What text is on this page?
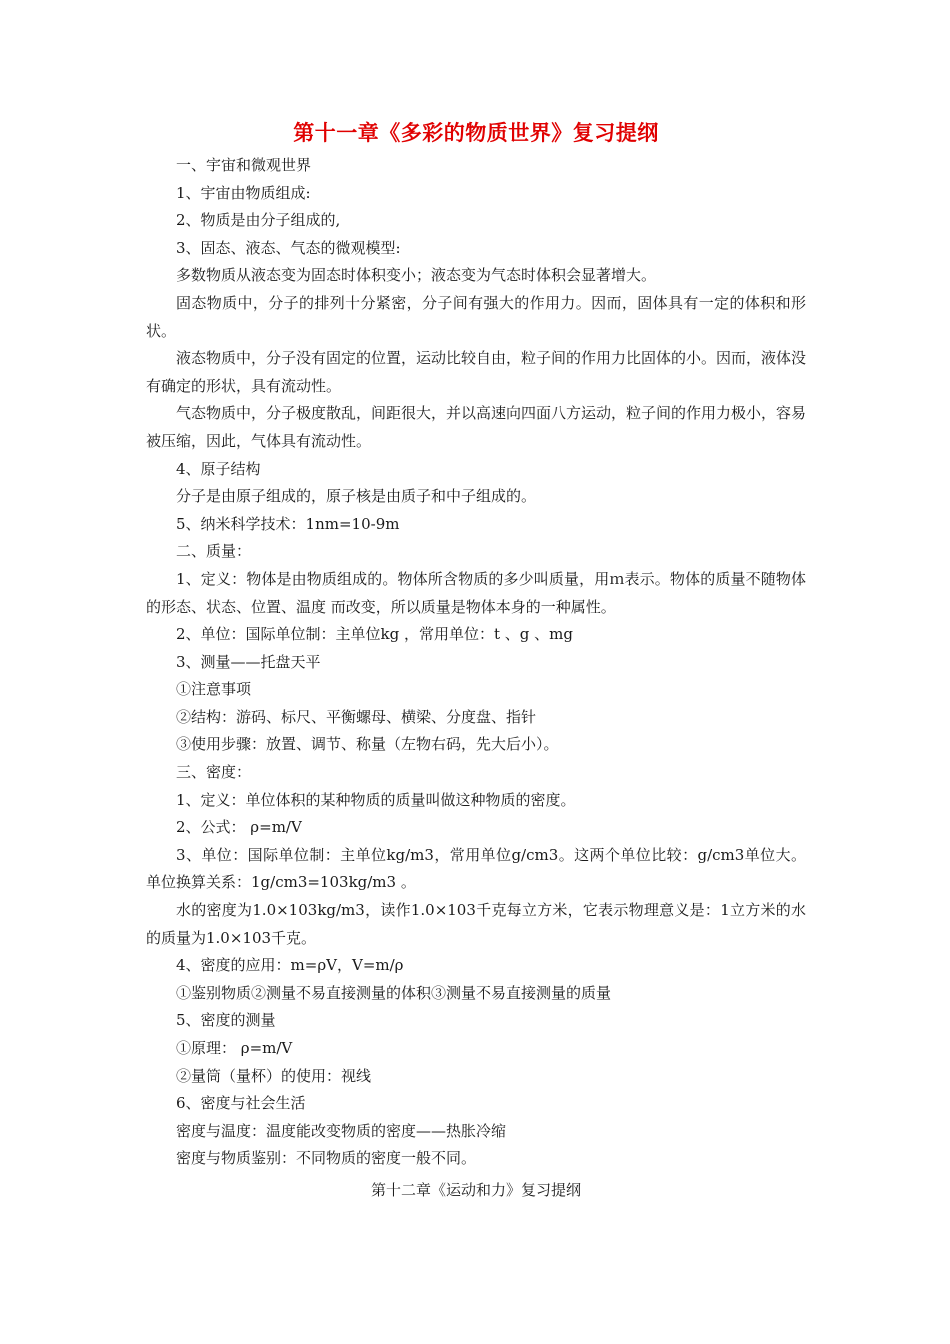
第十一章《多彩的物质世界》复习提纲

一、宇宙和微观世界

1、宇宙由物质组成:

2、物质是由分子组成的,

3、固态、液态、气态的微观模型:

多数物质从液态变为固态时体积变小；液态变为气态时体积会显著增大。

固态物质中，分子的排列十分紧密，分子间有强大的作用力。因而，固体具有一定的体积和形状。

液态物质中，分子没有固定的位置，运动比较自由，粒子间的作用力比固体的小。因而，液体没有确定的形状，具有流动性。

气态物质中，分子极度散乱，间距很大，并以高速向四面八方运动，粒子间的作用力极小，容易被压缩，因此，气体具有流动性。

4、原子结构

分子是由原子组成的，原子核是由质子和中子组成的。

5、纳米科学技术：1nm=10-9m

二、质量：

1、定义：物体是由物质组成的。物体所含物质的多少叫质量，用ｍ表示。物体的质量不随物体的形态、状态、位置、温度 而改变，所以质量是物体本身的一种属性。

2、单位：国际单位制：主单位kg ，常用单位：t 、g 、mg

3、测量——托盘天平

①注意事项

②结构：游码、标尺、平衡螺母、横梁、分度盘、指针

③使用步骤：放置、调节、称量（左物右码，先大后小）。

三、密度：

1、定义：单位体积的某种物质的质量叫做这种物质的密度。

2、公式： ρ=m/V

3、单位：国际单位制：主单位kg/m3，常用单位g/cm3。这两个单位比较：g/cm3单位大。单位换算关系：1g/cm3=103kg/m3 。

水的密度为1.0×103kg/m3，读作1.0×103千克每立方米，它表示物理意义是：1立方米的水的质量为1.0×103千克。

4、密度的应用：m=ρV，V=m/ρ

①鉴别物质②测量不易直接测量的体积③测量不易直接测量的质量

5、密度的测量

①原理： ρ=m/V

②量筒（量杯）的使用：视线

6、密度与社会生活

密度与温度：温度能改变物质的密度——热胀冷缩

密度与物质鉴别：不同物质的密度一般不同。

第十二章《运动和力》复习提纲
